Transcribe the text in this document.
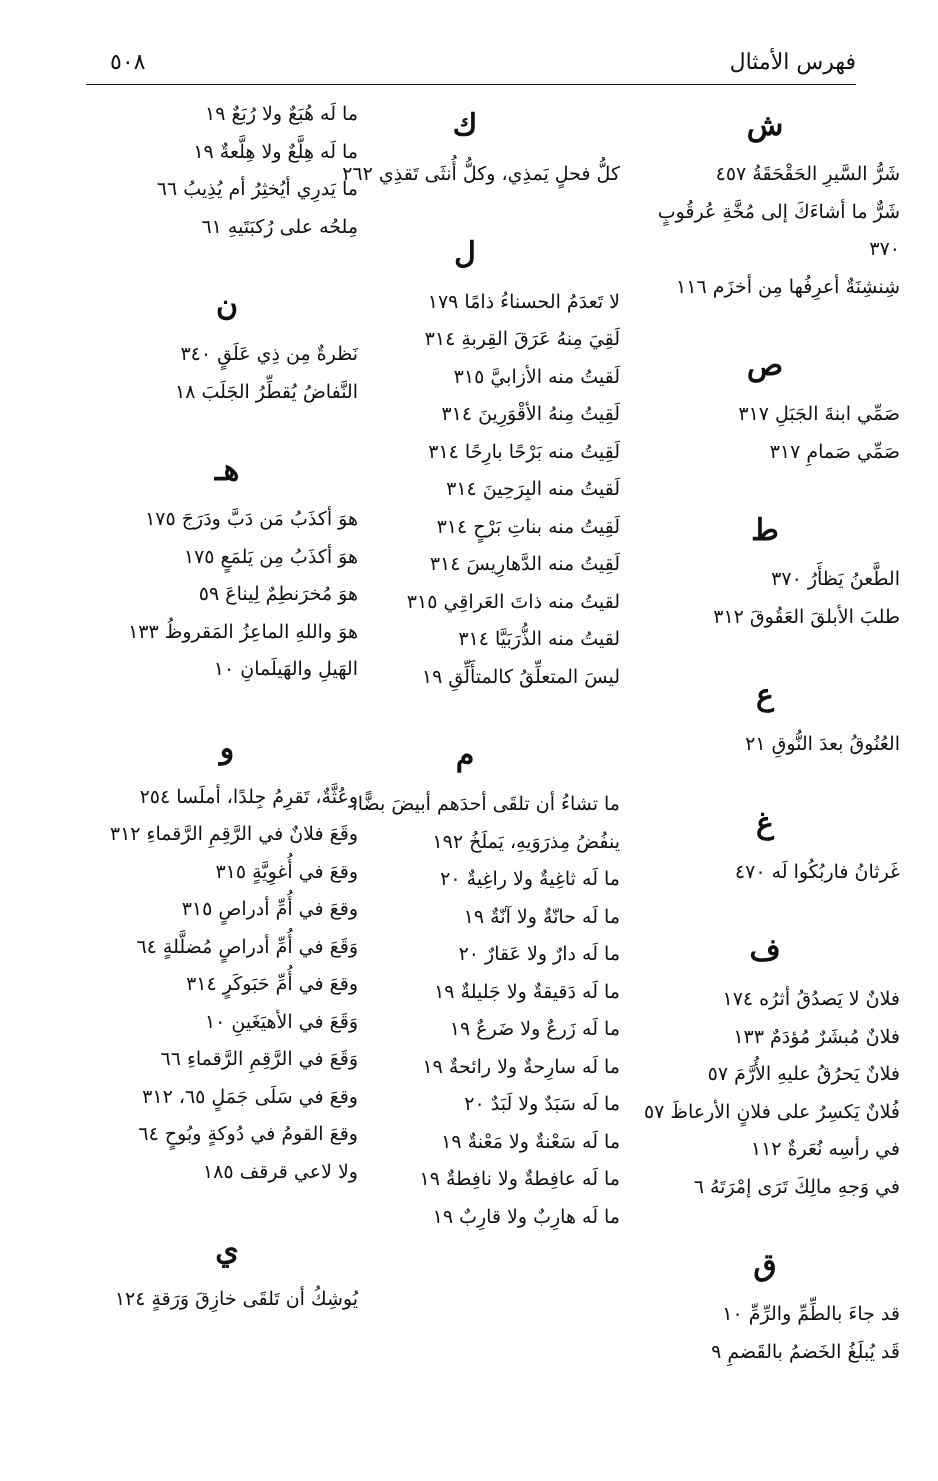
فهرس الأمثال
٥٠٨
ش
شَرُّ السَّيرِ الحَقْحَقَةُ ٤٥٧
شَرٌّ ما أشاءَكَ إلى مُخَّةِ عُرقُوبٍ ٣٧٠
شِنشِنَةٌ أعرِفُها مِن أخزَم ١١٦
ص
صَمِّي ابنةَ الجَبَلِ ٣١٧
صَمِّي صَمامِ ٣١٧
ط
الطَّعنُ يَظأَرُ ٣٧٠
طلبَ الأبلقَ العَقُوقَ ٣١٢
ع
العُنُوقُ بعدَ النُّوقِ ٢١
غ
غَرثانُ فاربُكُوا لَه ٤٧٠
ف
فلانٌ لا يَصدُقُ أثرُه ١٧٤
فلانٌ مُبشَرٌ مُؤدَمٌ ١٣٣
فلانٌ يَحرُقُ عليهِ الأُرَّمَ ٥٧
فُلانٌ يَكسِرُ على فلانٍ الأرعاظَ ٥٧
في رأسِه نُعَرةٌ ١١٢
في وَجهِ مالِكَ تَرَى إمْرَتَهُ ٦
ق
قد جاءَ بالطِّمِّ والرِّمِّ ١٠
قَد يُبلَغُ الخَضمُ بالقَضمِ ٩
ك
كلُّ فحلٍ يَمذِي، وكلُّ أُنثَى تَقذِي ٢٦٢
ل
لا تَعدَمُ الحسناءُ ذامًا ١٧٩
لَقِيَ مِنهُ عَرَقَ القِربةِ ٣١٤
لَقيتُ منه الأزابيَّ ٣١٥
لَقِيتُ مِنهُ الأقْوَرِينَ ٣١٤
لَقِيتُ منه بَرْحًا بارِحًا ٣١٤
لَقيتُ منه البِرَحِينَ ٣١٤
لَقِيتُ منه بناتِ بَرْحٍ ٣١٤
لَقِيتُ منه الدَّهارِيسَ ٣١٤
لقيتُ منه ذاتَ العَراقِي ٣١٥
لقيتُ منه الذُّرَبَيَّا ٣١٤
ليسَ المتعلِّقُ كالمتأَلِّقِ ١٩
م
ما تشاءُ أن تلقَى أحدَهم أبيضَ بضًّا، ينفُضُ مِذرَوَيهِ، يَملَخُ ١٩٢
ما لَه ثاغِيةٌ ولا راغِيةٌ ٢٠
ما لَه حانّةٌ ولا آنّةٌ ١٩
ما لَه دارٌ ولا عَقارٌ ٢٠
ما لَه دَقيقةٌ ولا جَليلةٌ ١٩
ما لَه زَرعٌ ولا ضَرعٌ ١٩
ما لَه سارِحةٌ ولا رائحةٌ ١٩
ما لَه سَبَدٌ ولا لَبَدٌ ٢٠
ما لَه سَعْنةٌ ولا مَعْنةٌ ١٩
ما لَه عافِطةٌ ولا نافِطةٌ ١٩
ما لَه هارِبٌ ولا قارِبٌ ١٩
ما لَه هُبَعٌ ولا رُبَعٌ ١٩
ما لَه هِلَّعٌ ولا هِلَّعةٌ ١٩
ما يَدرِي أيُخثِرُ أم يُذِيبُ ٦٦
مِلحُه على رُكبَتَيهِ ٦١
ن
نَظرةٌ مِن ذِي عَلَقٍ ٣٤٠
النَّفاضُ يُقطِّرُ الجَلَبَ ١٨
هـ
هوَ أكذَبُ مَن دَبَّ ودَرَجَ ١٧٥
هوَ أكذَبُ مِن يَلمَعٍ ١٧٥
هوَ مُخرَنطِمٌ لِيناعَ ٥٩
هوَ واللهِ الماعِزُ المَقروظُ ١٣٣
الهَيلِ والهَيلَمانِ ١٠
و
وعُثَّةٌ، تَقرِمُ جِلدًا، أملَسا ٢٥٤
وقَعَ فلانٌ في الرَّقِمِ الرَّقماءِ ٣١٢
وقعَ في أُغوِيَّةٍ ٣١٥
وقعَ في أُمِّ أدراصٍ ٣١٥
وَقَعَ في أُمِّ أدراصٍ مُضلَّلةٍ ٦٤
وقعَ في أُمِّ حَبَوكَرٍ ٣١٤
وَقَعَ في الأهيَغَينِ ١٠
وَقَعَ في الرَّقِمِ الرَّقماءِ ٦٦
وقعَ في سَلَى جَمَلٍ ٦٥، ٣١٢
وقعَ القومُ في دُوكةٍ وبُوحٍ ٦٤
ولا لاعي قرقف ١٨٥
ي
يُوشِكُ أن تَلقَى خازِقَ وَرَقةٍ ١٢٤
